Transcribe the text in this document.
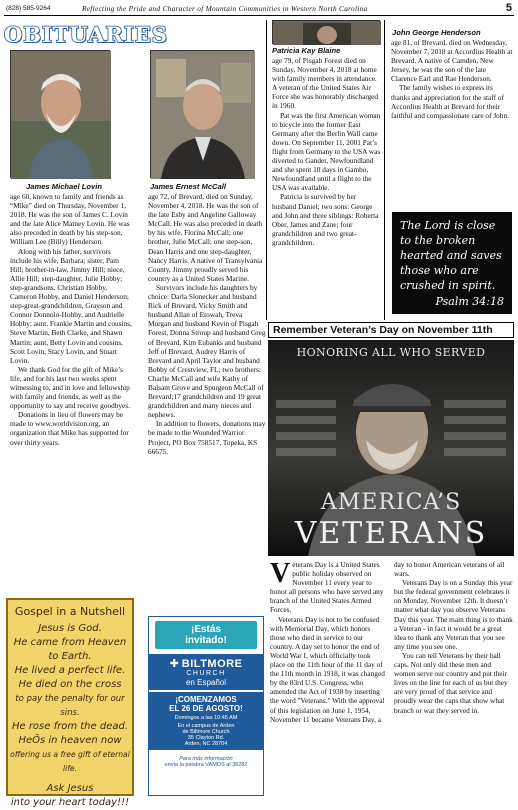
(828) 585-9264	Reflecting the Pride and Character of Mountain Communities in Western North Carolina	5
OBITUARIES
James Michael Lovin

age 60, known to family and friends as “Mike” died on Thursday, November 1, 2018. He was the son of James C. Lovin and the late Alice Matney Lovin. He was also preceded in death by his step-son, William Lee (Billy) Henderson.

Along with his father, survivors include his wife, Barbara; sister, Pam Hill; brother-in-law, Jimmy Hill; niece, Allie Hill; step-daughter, Julie Hobby; step-grandsons, Christian Hobby, Cameron Hobby, and Daniel Henderson; step-great-grandchildren, Grayson and Connor Donnolo-Hobby, and Audrielle Hobby; aunt, Frankie Martin and cousins, Steve Martin, Beth Clarke, and Shawn Martin; aunt, Betty Lovin and cousins, Scott Lovin, Stacy Lovin, and Stuart Lovin.

We thank God for the gift of Mike’s life, and for his last two weeks spent witnessing to, and in love and fellowship with family and friends, as well as the opportunity to say and receive goodbyes.

Donations in lieu of flowers may be made to www.worldvision.org, an organization that Mike has supported for over thirty years.

James Ernest McCall

age 72, of Brevard, died on Sunday, November 4, 2018. He was the son of the late Esby and Angeline Galloway McCall. He was also preceded in death by his wife, Florina McCall; one brother, Julie McCall; one step-son, Dean Harris and one step-daughter, Nancy Harris. A native of Transylvania County, Jimmy proudly served his country as a United States Marine.

Survivors include his daughters by choice: Darla Slonecker and husband Rick of Brevard, Vicky Smith and husband Allan of Etowah, Treva Morgan and husband Kevin of Pisgah Forest, Donna Stroup and husband Greg of Brevard, Kim Eubanks and husband Jeff of Brevard, Audrey Harris of Brevard and April Taylor and husband Bobby of Crestview, FL; two brothers: Charlie McCall and wife Kathy of Balsam Grove and Spurgeon McCall of Brevard;17 grandchildren and 19 great grandchildren and many nieces and nephews.

In addition to flowers, donations may be made to the Wounded Warrior Project, PO Box 758517, Topeka, KS 66675.

Patricia Kay Blaine

age 79, of Pisgah Forest died on Sunday, November 4, 2018 at home with family members in attendance. A veteran of the United States Air Force she was honorably discharged in 1960.

Pat was the first American woman to bicycle into the former East Germany after the Berlin Wall came down. On September 11, 2001 Pat’s flight from Germany to the USA was diverted to Gander, Newfoundland and she spent 10 days in Gambo, Newfoundland until a flight to the USA was available.

Patricia is survived by her husband Daniel; two sons: George and John and three siblings: Roberta Ober, James and Zane; four grandchildren and two great-grandchildren.

John George Henderson

age 81, of Brevard, died on Wednesday, November 7, 2018 at Accordius Health at Brevard. A native of Camden, New Jersey, he was the son of the late Clarence Earl and Rae Henderson.

The family wishes to express its thanks and appreciation for the staff of Accordius Health at Brevard for their faithful and compassionate care of John.

The Lord is close to the broken hearted and saves those who are crushed in spirit.
Psalm 34:18
Remember Veteran’s Day on November 11th
HONORING ALL WHO SERVED
AMERICA’S
VETERANS
V eterans Day is a United States public holiday observed on November 11 every year to honor all persons who have served any branch of the United States Armed Forces.

Veterans Day is not to be confused with Memorial Day, which honors those who died in service to our country. A day set to honor the end of World War I, which officially took place on the 11th hour of the 11 day of the 11th month in 1918, it was changed by the 83rd U.S. Congress, who amended the Act of 1938 by inserting the word "Veterans." With the approval of this legislation on June 1, 1954, November 11 became Veterans Day, a

day to honor American veterans of all wars.

Veterans Day is on a Sunday this year but the federal government celebrates it on Monday, November 12th. It doesn’t matter what day you observe Veterans Day this year. The main thing is to thank a Veteran - in fact it would be a great idea to thank any Veteran that you see any time you see one.

You can tell Veterans by their ball caps. Not only did these men and women serve our country and put their lives on the line for each of us but they are very proud of that service and proudly wear the caps that show what branch or war they served in.

Gospel in a Nutshell
Jesus is God.
He came from Heaven to Earth.
He lived a perfect life.
He died on the cross
to pay the penalty for our sins.
He rose from the dead.
HeÕs in heaven now
offering us a free gift of eternal life.
Ask Jesus
into your heart today!!!
¡Estás invitado!
✚ BILTMORE
CHURCH
en Español
¡COMENZAMOS
EL 26 DE AGOSTO!
Domingos a las 10:45 AM
En el campus de Arden
de Biltmore Church
35 Clayton Rd.
Arden, NC 28704
Para más información
envía la palabra VAMOS al 38282
